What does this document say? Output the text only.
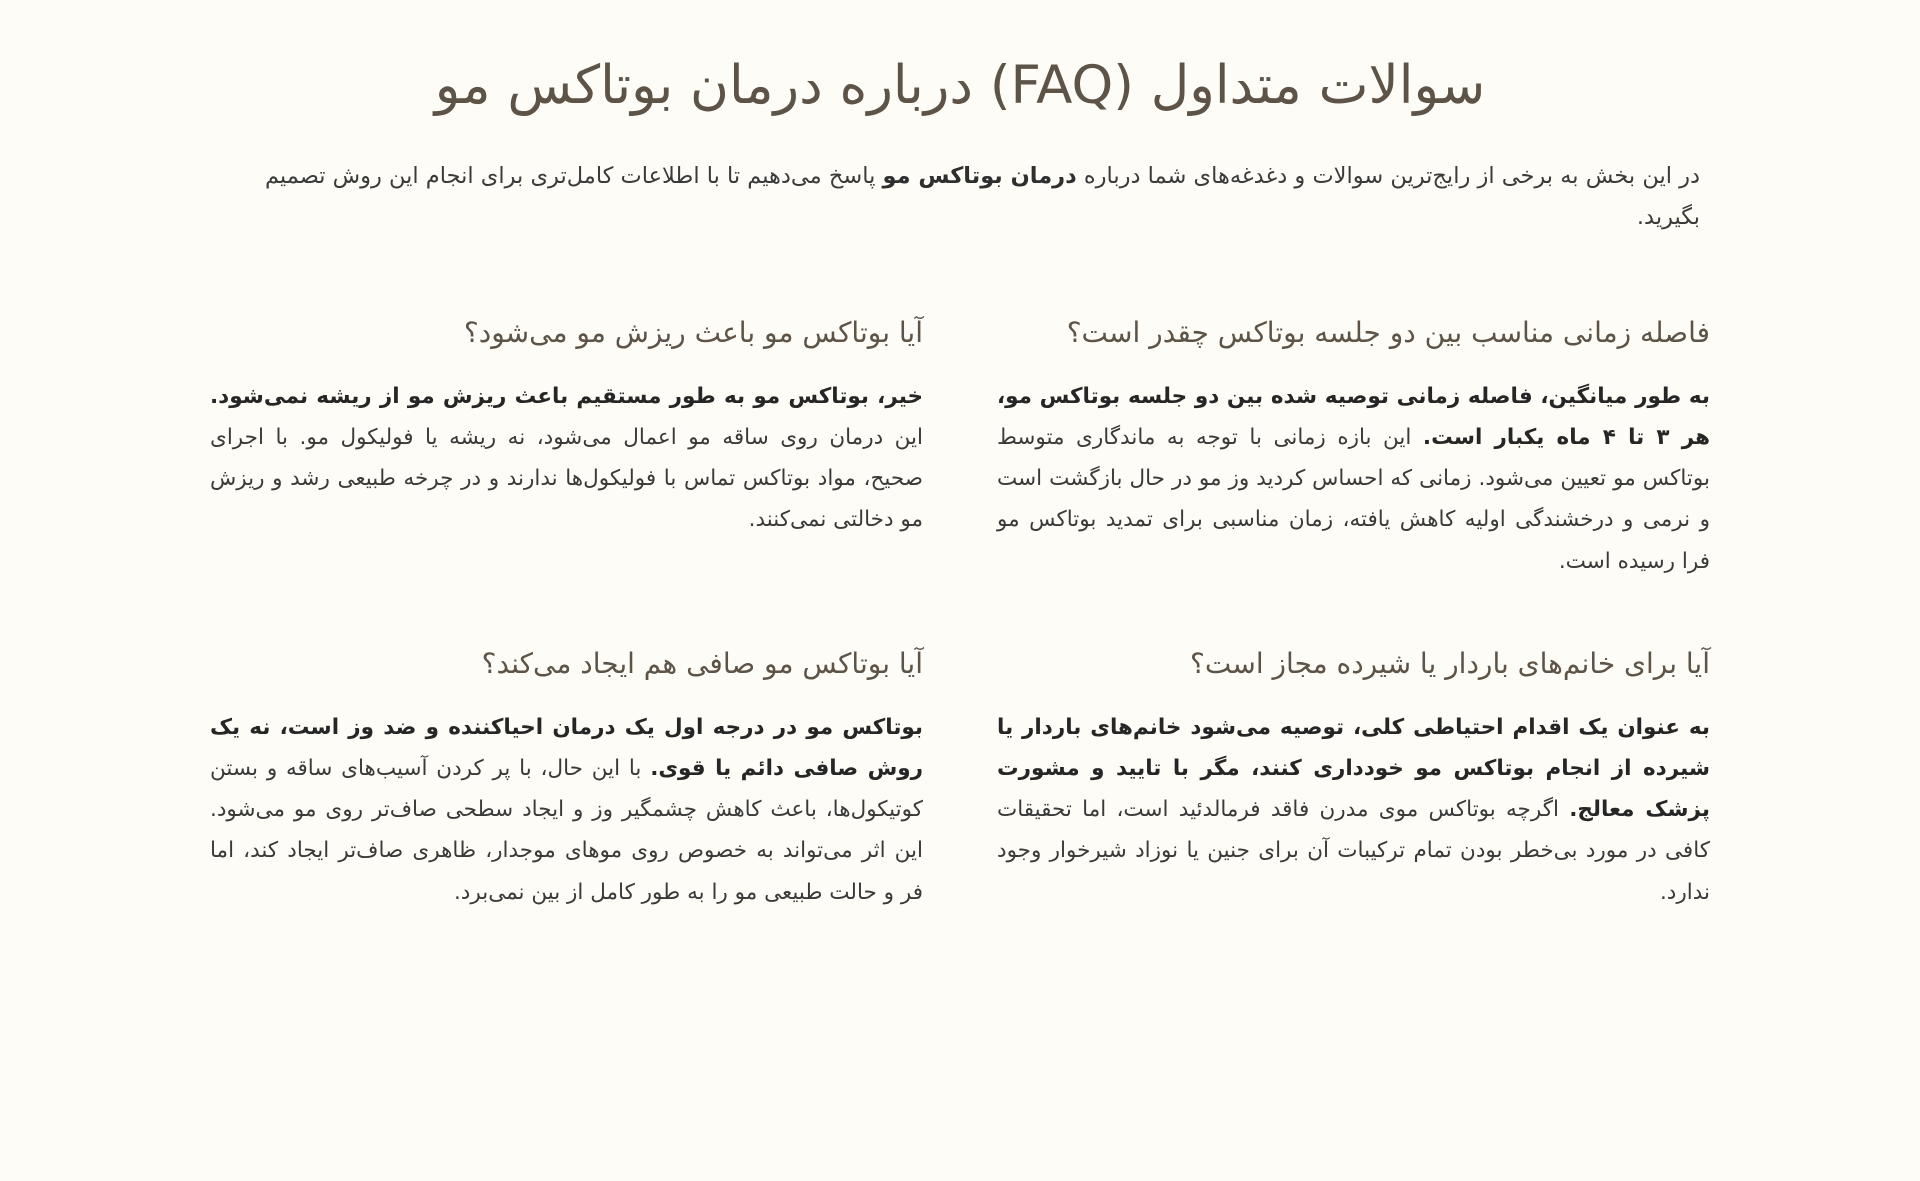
سوالات متداول (FAQ) درباره درمان بوتاکس مو

در این بخش به برخی از رایج‌ترین سوالات و دغدغه‌های شما درباره درمان بوتاکس مو پاسخ می‌دهیم تا با اطلاعات کامل‌تری برای انجام این روش تصمیم بگیرید.

فاصله زمانی مناسب بین دو جلسه بوتاکس چقدر است؟

به طور میانگین، فاصله زمانی توصیه شده بین دو جلسه بوتاکس مو، هر ۳ تا ۴ ماه یکبار است. این بازه زمانی با توجه به ماندگاری متوسط بوتاکس مو تعیین می‌شود. زمانی که احساس کردید وز مو در حال بازگشت است و نرمی و درخشندگی اولیه کاهش یافته، زمان مناسبی برای تمدید بوتاکس مو فرا رسیده است.

آیا بوتاکس مو باعث ریزش مو می‌شود؟

خیر، بوتاکس مو به طور مستقیم باعث ریزش مو از ریشه نمی‌شود. این درمان روی ساقه مو اعمال می‌شود، نه ریشه یا فولیکول مو. با اجرای صحیح، مواد بوتاکس تماس با فولیکول‌ها ندارند و در چرخه طبیعی رشد و ریزش مو دخالتی نمی‌کنند.

آیا برای خانم‌های باردار یا شیرده مجاز است؟

به عنوان یک اقدام احتیاطی کلی، توصیه می‌شود خانم‌های باردار یا شیرده از انجام بوتاکس مو خودداری کنند، مگر با تایید و مشورت پزشک معالج. اگرچه بوتاکس موی مدرن فاقد فرمالدئید است، اما تحقیقات کافی در مورد بی‌خطر بودن تمام ترکیبات آن برای جنین یا نوزاد شیرخوار وجود ندارد.

آیا بوتاکس مو صافی هم ایجاد می‌کند؟

بوتاکس مو در درجه اول یک درمان احیاکننده و ضد وز است، نه یک روش صافی دائم یا قوی. با این حال، با پر کردن آسیب‌های ساقه و بستن کوتیکول‌ها، باعث کاهش چشمگیر وز و ایجاد سطحی صاف‌تر روی مو می‌شود. این اثر می‌تواند به خصوص روی موهای موجدار، ظاهری صاف‌تر ایجاد کند، اما فر و حالت طبیعی مو را به طور کامل از بین نمی‌برد.
